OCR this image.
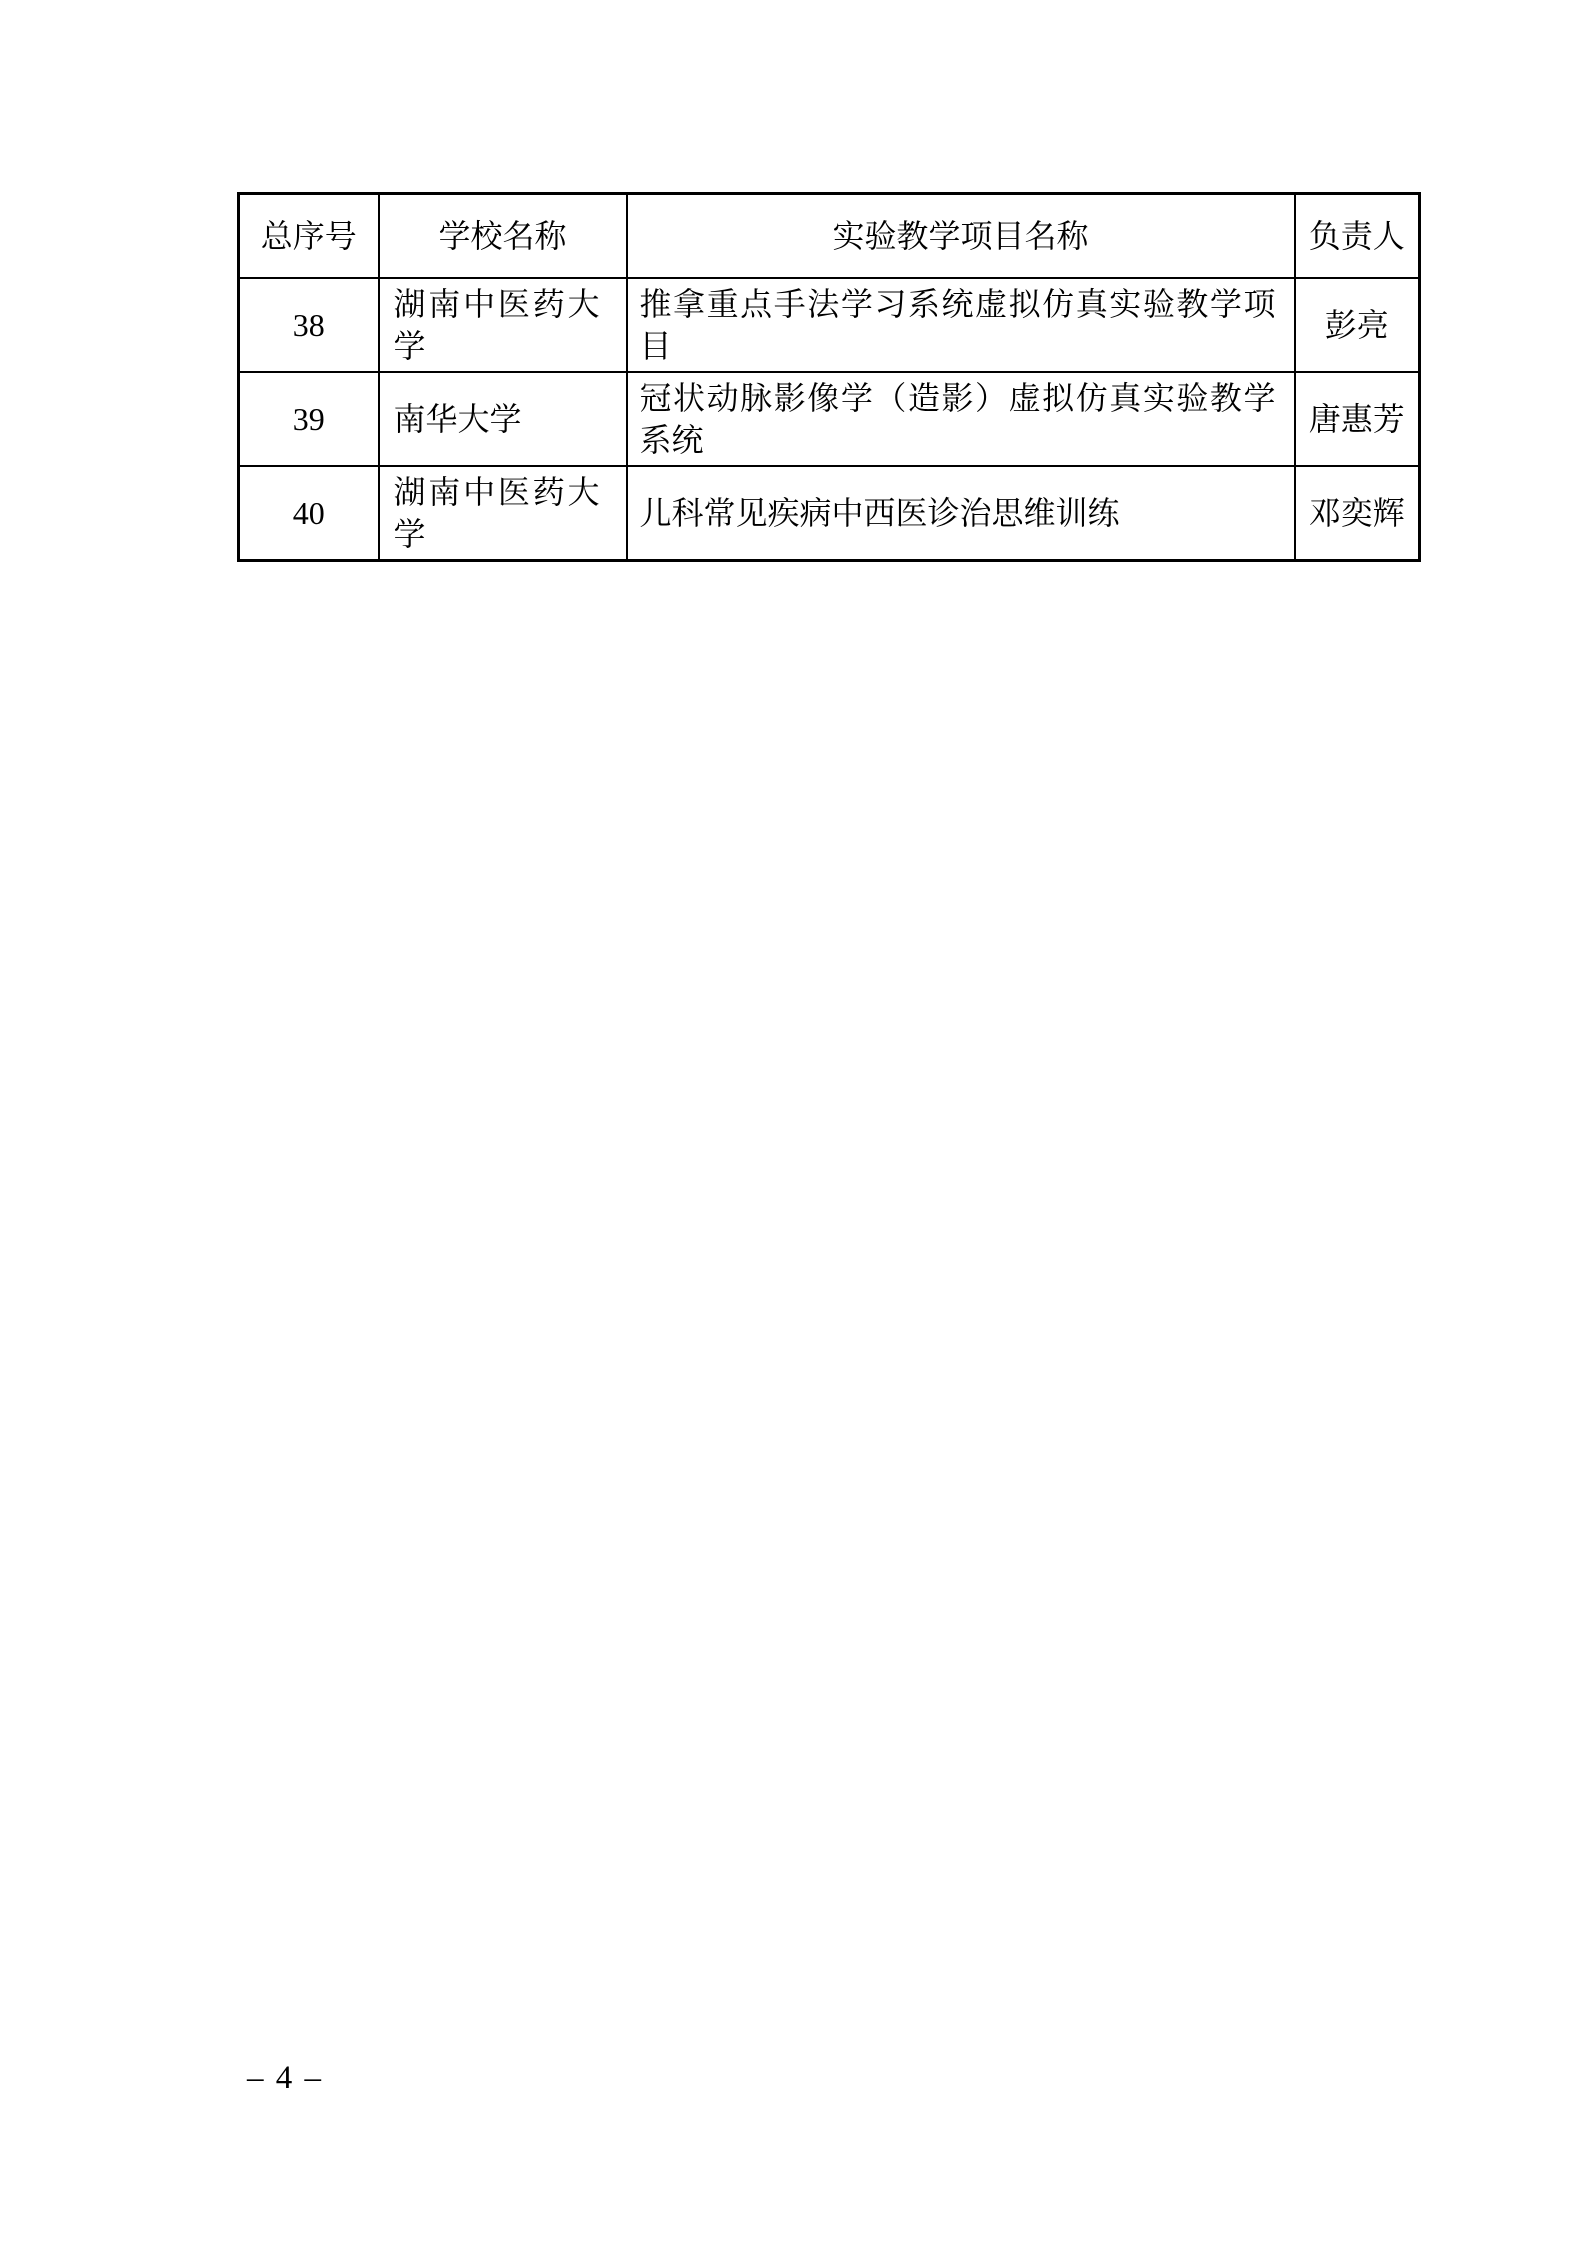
总序号	学校名称	实验教学项目名称	负责人
38	湖南中医药大学	推拿重点手法学习系统虚拟仿真实验教学项目	彭亮
39	南华大学	冠状动脉影像学（造影）虚拟仿真实验教学系统	唐惠芳
40	湖南中医药大学	儿科常见疾病中西医诊治思维训练	邓奕辉
– 4 –
